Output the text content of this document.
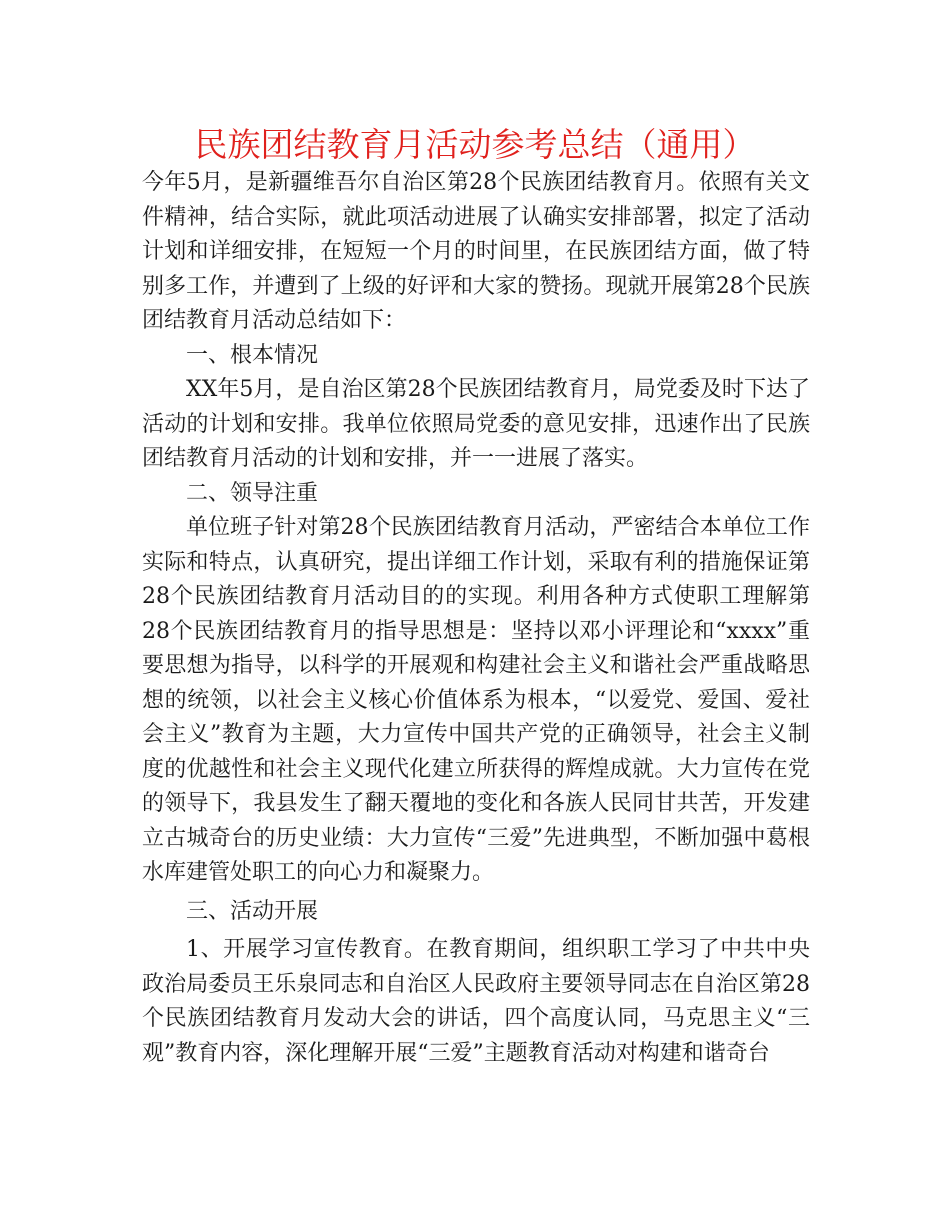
民族团结教育月活动参考总结（通用）

今年5月，是新疆维吾尔自治区第28个民族团结教育月。依照有关文件精神，结合实际，就此项活动进展了认确实安排部署，拟定了活动计划和详细安排，在短短一个月的时间里，在民族团结方面，做了特别多工作，并遭到了上级的好评和大家的赞扬。现就开展第28个民族团结教育月活动总结如下：

一、根本情况

XX年5月，是自治区第28个民族团结教育月，局党委及时下达了活动的计划和安排。我单位依照局党委的意见安排，迅速作出了民族团结教育月活动的计划和安排，并一一进展了落实。

二、领导注重

单位班子针对第28个民族团结教育月活动，严密结合本单位工作实际和特点，认真研究，提出详细工作计划，采取有利的措施保证第28个民族团结教育月活动目的的实现。利用各种方式使职工理解第28个民族团结教育月的指导思想是：坚持以邓小评理论和“xxxx”重要思想为指导，以科学的开展观和构建社会主义和谐社会严重战略思想的统领，以社会主义核心价值体系为根本，“以爱党、爱国、爱社会主义”教育为主题，大力宣传中国共产党的正确领导，社会主义制度的优越性和社会主义现代化建立所获得的辉煌成就。大力宣传在党的领导下，我县发生了翻天覆地的变化和各族人民同甘共苦，开发建立古城奇台的历史业绩：大力宣传“三爱”先进典型，不断加强中葛根水库建管处职工的向心力和凝聚力。

三、活动开展

1、开展学习宣传教育。在教育期间，组织职工学习了中共中央政治局委员王乐泉同志和自治区人民政府主要领导同志在自治区第28个民族团结教育月发动大会的讲话，四个高度认同，马克思主义“三观”教育内容，深化理解开展“三爱”主题教育活动对构建和谐奇台
